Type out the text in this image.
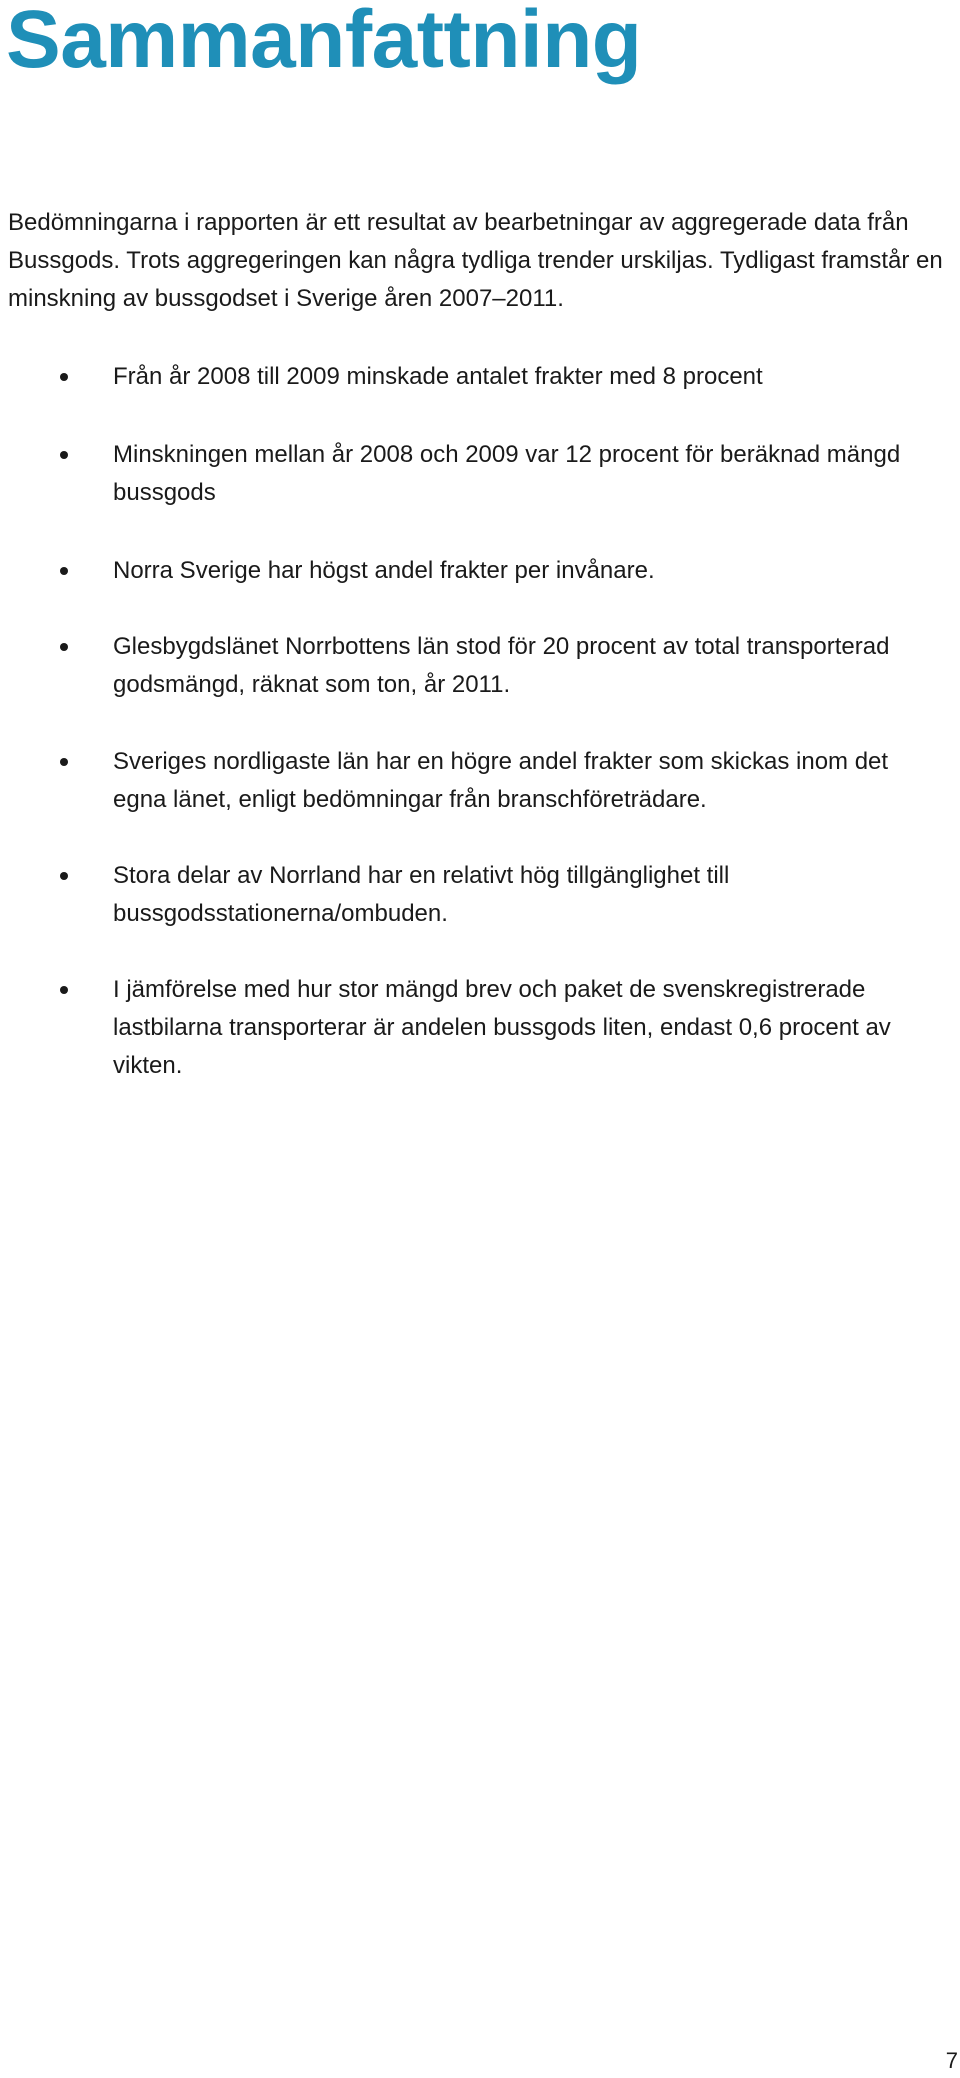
Sammanfattning

Bedömningarna i rapporten är ett resultat av bearbetningar av aggregerade data från Bussgods. Trots aggregeringen kan några tydliga trender urskiljas. Tydligast framstår en minskning av bussgodset i Sverige åren 2007–2011.

Från år 2008 till 2009 minskade antalet frakter med 8 procent
Minskningen mellan år 2008 och 2009 var 12 procent för beräknad mängd bussgods
Norra Sverige har högst andel frakter per invånare.
Glesbygdslänet Norrbottens län stod för 20 procent av total transporterad godsmängd, räknat som ton, år 2011.
Sveriges nordligaste län har en högre andel frakter som skickas inom det egna länet, enligt bedömningar från branschföreträdare.
Stora delar av Norrland har en relativt hög tillgänglighet till bussgodsstationerna/ombuden.
I jämförelse med hur stor mängd brev och paket de svenskregistrerade lastbilarna transporterar är andelen bussgods liten, endast 0,6 procent av vikten.
7
